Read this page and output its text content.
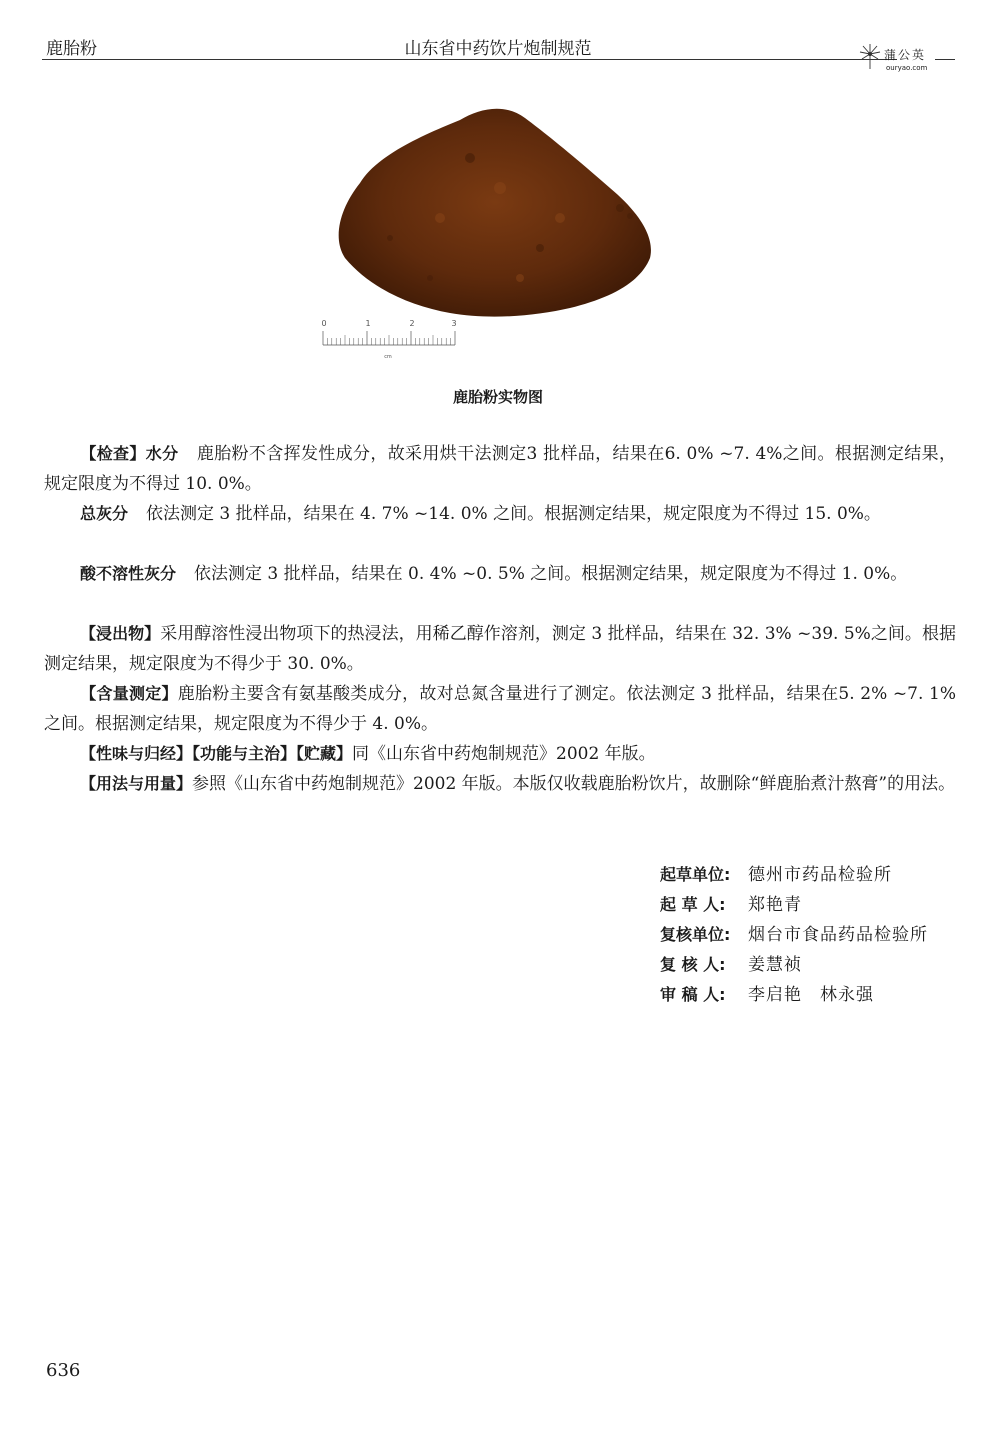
鹿胎粉	山东省中药饮片炮制规范	蒲公英
ouryao.com
0	1	2	3
cm
鹿胎粉实物图
【检查】水分 鹿胎粉不含挥发性成分，故采用烘干法测定3 批样品，结果在6. 0% ~7. 4%之间。根据测定结果，规定限度为不得过 10. 0%。
总灰分 依法测定 3 批样品，结果在 4. 7% ~14. 0% 之间。根据测定结果，规定限度为不得过 15. 0%。
酸不溶性灰分 依法测定 3 批样品，结果在 0. 4% ~0. 5% 之间。根据测定结果，规定限度为不得过 1. 0%。
【浸出物】采用醇溶性浸出物项下的热浸法，用稀乙醇作溶剂，测定 3 批样品，结果在 32. 3% ~39. 5%之间。根据测定结果，规定限度为不得少于 30. 0%。
【含量测定】鹿胎粉主要含有氨基酸类成分，故对总氮含量进行了测定。依法测定 3 批样品，结果在5. 2% ~7. 1%之间。根据测定结果，规定限度为不得少于 4. 0%。
【性味与归经】【功能与主治】【贮藏】同《山东省中药炮制规范》2002 年版。
【用法与用量】参照《山东省中药炮制规范》2002 年版。本版仅收载鹿胎粉饮片，故删除“鲜鹿胎煮汁熬膏”的用法。
起草单位: 德州市药品检验所
起 草 人: 郑艳青
复核单位: 烟台市食品药品检验所
复 核 人: 姜慧祯
审 稿 人: 李启艳　林永强
636
